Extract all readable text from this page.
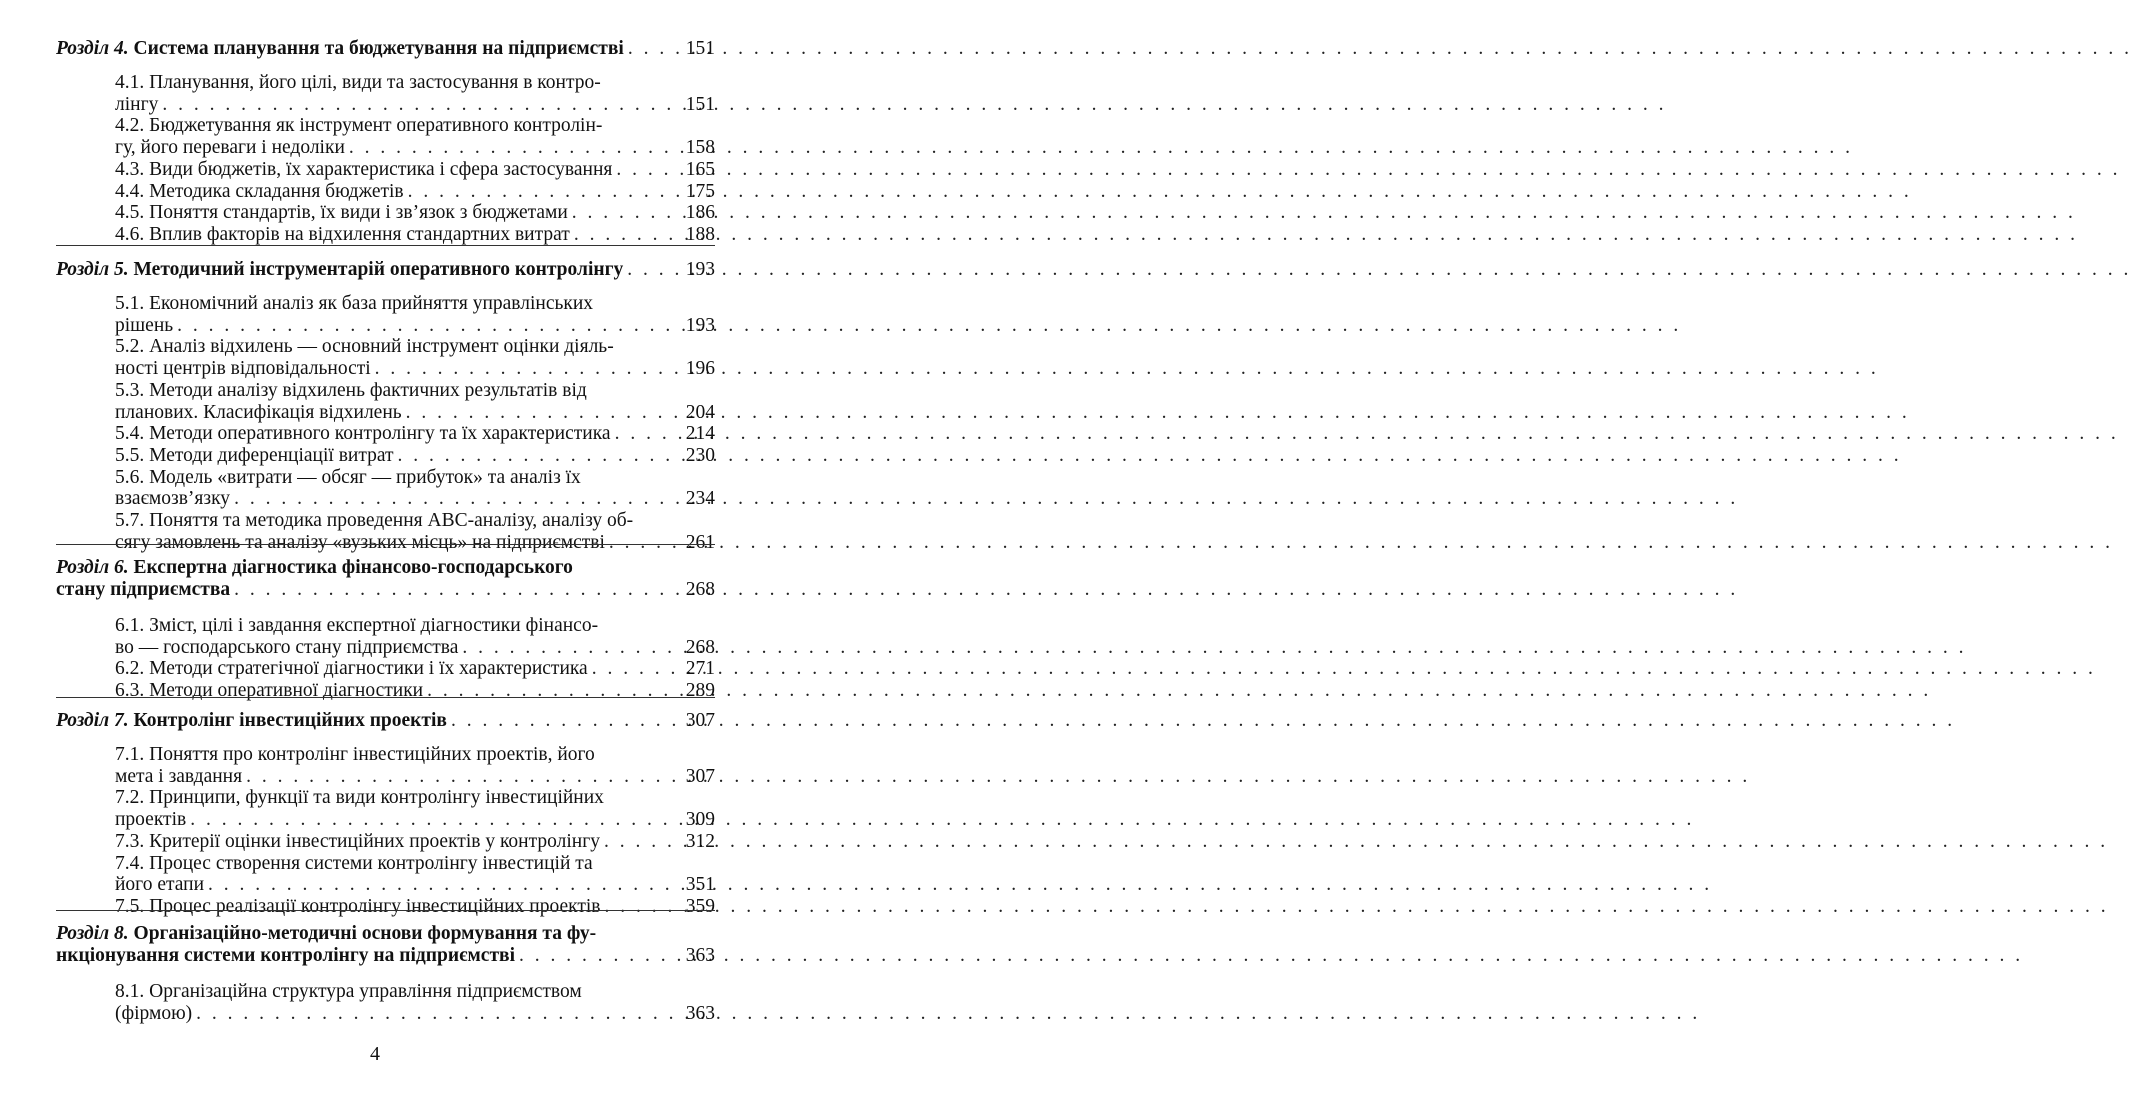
Розділ 4. Система планування та бюджетування на підприємстві . . .	151
4.1. Планування, його цілі, види та застосування в контро-
лінгу . . .	151
4.2. Бюджетування як інструмент оперативного контролін-
гу, його переваги і недоліки . . .	158
4.3. Види бюджетів, їх характеристика і сфера застосування . . .	165
4.4. Методика складання бюджетів . . .	175
4.5. Поняття стандартів, їх види і зв’язок з бюджетами . . .	186
4.6. Вплив факторів на відхилення стандартних витрат . . .	188
Розділ 5. Методичний інструментарій оперативного контролінгу . . .	193
5.1. Економічний аналіз як база прийняття управлінських
рішень . . .	193
5.2. Аналіз відхилень — основний інструмент оцінки діяль-
ності центрів відповідальності . . .	196
5.3. Методи аналізу відхилень фактичних результатів від
планових. Класифікація відхилень . . .	204
5.4. Методи оперативного контролінгу та їх характеристика . . .	214
5.5. Методи диференціації витрат . . .	230
5.6. Модель «витрати — обсяг — прибуток» та аналіз їх
взаємозв’язку . . .	234
5.7. Поняття та методика проведення АВС-аналізу, аналізу об-
сягу замовлень та аналізу «вузьких місць» на підприємстві . . .	261
Розділ 6. Експертна діагностика фінансово-господарського
стану підприємства . . .	268
6.1. Зміст, цілі і завдання експертної діагностики фінансо-
во — господарського стану підприємства . . .	268
6.2. Методи стратегічної діагностики і їх характеристика . . .	271
6.3. Методи оперативної діагностики . . .	289
Розділ 7. Контролінг інвестиційних проектів . . .	307
7.1. Поняття про контролінг інвестиційних проектів, його
мета і завдання . . .	307
7.2. Принципи, функції та види контролінгу інвестиційних
проектів . . .	309
7.3. Критерії оцінки інвестиційних проектів у контролінгу . . .	312
7.4. Процес створення системи контролінгу інвестицій та
його етапи . . .	351
7.5. Процес реалізації контролінгу інвестиційних проектів . . .	359
Розділ 8. Організаційно-методичні основи формування та фу-
нкціонування системи контролінгу на підприємстві . . .	363
8.1. Організаційна структура управління підприємством
(фірмою) . . .	363
4
